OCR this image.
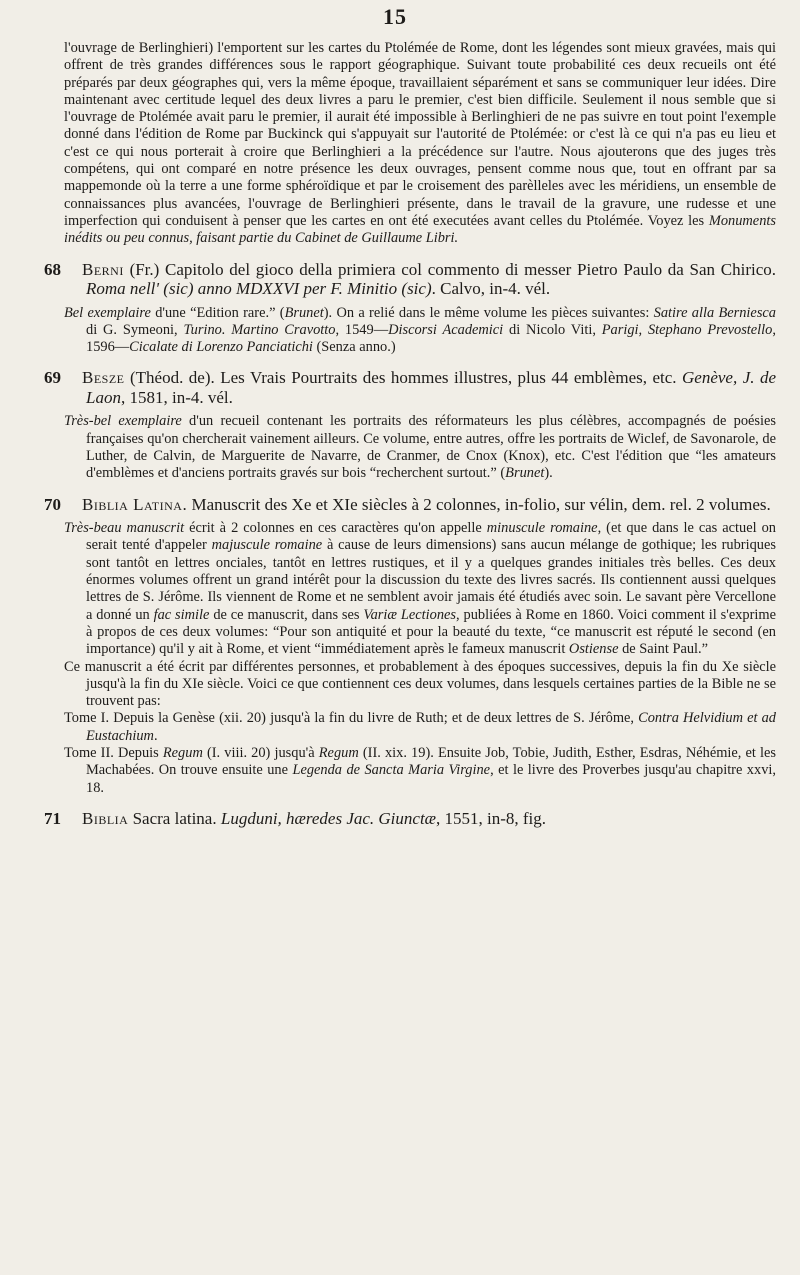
15

l'ouvrage de Berlinghieri) l'emportent sur les cartes du Ptolémée de Rome, dont les légendes sont mieux gravées, mais qui offrent de très grandes différences sous le rapport géographique. Suivant toute probabilité ces deux recueils ont été préparés par deux géographes qui, vers la même époque, travaillaient séparément et sans se communiquer leur idées. Dire maintenant avec certitude lequel des deux livres a paru le premier, c'est bien difficile. Seulement il nous semble que si l'ouvrage de Ptolémée avait paru le premier, il aurait été impossible à Berlinghieri de ne pas suivre en tout point l'exemple donné dans l'édition de Rome par Buckinck qui s'appuyait sur l'autorité de Ptolémée: or c'est là ce qui n'a pas eu lieu et c'est ce qui nous porterait à croire que Berlinghieri a la précédence sur l'autre. Nous ajouterons que des juges très compétens, qui ont comparé en notre présence les deux ouvrages, pensent comme nous que, tout en offrant par sa mappemonde où la terre a une forme sphéroïdique et par le croisement des parèlleles avec les méridiens, un ensemble de connaissances plus avancées, l'ouvrage de Berlinghieri présente, dans le travail de la gravure, une rudesse et une imperfection qui conduisent à penser que les cartes en ont été executées avant celles du Ptolémée. Voyez les Monuments inédits ou peu connus, faisant partie du Cabinet de Guillaume Libri.

68 Berni (Fr.) Capitolo del gioco della primiera col commento di messer Pietro Paulo da San Chirico. Roma nell' (sic) anno MDXXVI per F. Minitio (sic). Calvo, in-4. vél.

Bel exemplaire d'une “Edition rare.” (Brunet). On a relié dans le même volume les pièces suivantes: Satire alla Berniesca di G. Symeoni, Turino. Martino Cravotto, 1549—Discorsi Academici di Nicolo Viti, Parigi, Stephano Prevostello, 1596—Cicalate di Lorenzo Panciatichi (Senza anno.)

69 Besze (Théod. de). Les Vrais Pourtraits des hommes illustres, plus 44 emblèmes, etc. Genève, J. de Laon, 1581, in-4. vél.

Très-bel exemplaire d'un recueil contenant les portraits des réformateurs les plus célèbres, accompagnés de poésies françaises qu'on chercherait vainement ailleurs. Ce volume, entre autres, offre les portraits de Wiclef, de Savonarole, de Luther, de Calvin, de Marguerite de Navarre, de Cranmer, de Cnox (Knox), etc. C'est l'édition que “les amateurs d'emblèmes et d'anciens portraits gravés sur bois “recherchent surtout.” (Brunet).

70 Biblia Latina. Manuscrit des Xe et XIe siècles à 2 colonnes, in-folio, sur vélin, dem. rel. 2 volumes.

Très-beau manuscrit écrit à 2 colonnes en ces caractères qu'on appelle minuscule romaine, (et que dans le cas actuel on serait tenté d'appeler majuscule romaine à cause de leurs dimensions) sans aucun mélange de gothique; les rubriques sont tantôt en lettres onciales, tantôt en lettres rustiques, et il y a quelques grandes initiales très belles. Ces deux énormes volumes offrent un grand intérêt pour la discussion du texte des livres sacrés. Ils contiennent aussi quelques lettres de S. Jérôme. Ils viennent de Rome et ne semblent avoir jamais été étudiés avec soin. Le savant père Vercellone a donné un fac simile de ce manuscrit, dans ses Variæ Lectiones, publiées à Rome en 1860. Voici comment il s'exprime à propos de ces deux volumes: “Pour son antiquité et pour la beauté du texte, “ce manuscrit est réputé le second (en importance) qu'il y ait à Rome, et vient “immédiatement après le fameux manuscrit Ostiense de Saint Paul.”

Ce manuscrit a été écrit par différentes personnes, et probablement à des époques successives, depuis la fin du Xe siècle jusqu'à la fin du XIe siècle. Voici ce que contiennent ces deux volumes, dans lesquels certaines parties de la Bible ne se trouvent pas:

Tome I. Depuis la Genèse (xii. 20) jusqu'à la fin du livre de Ruth; et de deux lettres de S. Jérôme, Contra Helvidium et ad Eustachium.

Tome II. Depuis Regum (I. viii. 20) jusqu'à Regum (II. xix. 19). Ensuite Job, Tobie, Judith, Esther, Esdras, Néhémie, et les Machabées. On trouve ensuite une Legenda de Sancta Maria Virgine, et le livre des Proverbes jusqu'au chapitre xxvi, 18.

71 Biblia Sacra latina. Lugduni, hæredes Jac. Giunctæ, 1551, in-8, fig.
